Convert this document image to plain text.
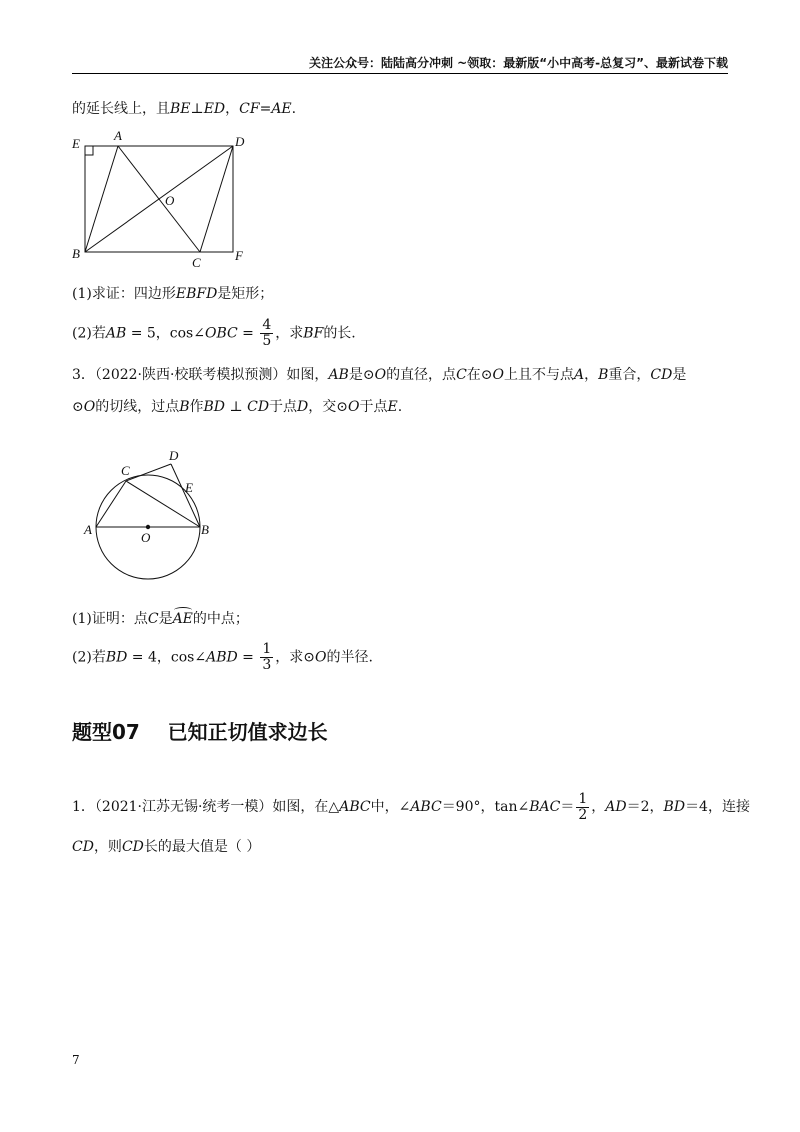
关注公众号：陆陆高分冲刺 ~领取：最新版“小中高考-总复习”、最新试卷下载
的延长线上，且BE⊥ED，CF=AE.
E
A	D
O
B
C	F
(1)求证：四边形EBFD是矩形；
(2)若AB = 5，cos∠OBC = $\frac{4}{5}$ ，求BF的长.
3．（2022·陕西·校联考模拟预测）如图，AB是⊙O的直径，点C在⊙O上且不与点A，B重合，CD是
⊙O的切线，过点B作BD ⊥ CD于点D，交⊙O于点E.
C
D
E
A
O
B
(1)证明：点C是AE的中点；
(2)若BD = 4，cos∠ABD = $\frac{1}{3}$ ，求⊙O的半径.
题型07    已知正切值求边长
1．（2021·江苏无锡·统考一模）如图，在△ABC中，∠ABC＝90°，tan∠BAC＝ $\frac{1}{2}$ ，AD＝2，BD＝4，连接
CD，则CD长的最大值是（ ）
7
